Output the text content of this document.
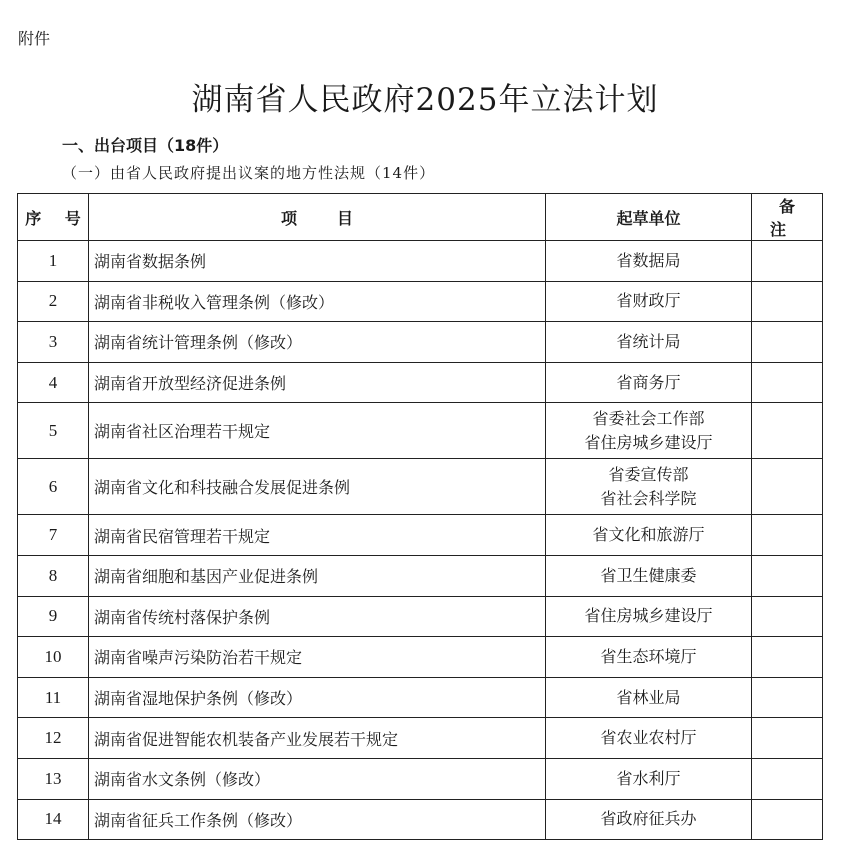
附件
湖南省人民政府2025年立法计划
一、出台项目（18件）
（一）由省人民政府提出议案的地方性法规（14件）
序 号	项目	起草单位	备注
1	湖南省数据条例	省数据局	

2	湖南省非税收入管理条例（修改）	省财政厅	

3	湖南省统计管理条例（修改）	省统计局	

4	湖南省开放型经济促进条例	省商务厅	

5	湖南省社区治理若干规定	省委社会工作部
省住房城乡建设厅	

6	湖南省文化和科技融合发展促进条例	省委宣传部
省社会科学院	

7	湖南省民宿管理若干规定	省文化和旅游厅	

8	湖南省细胞和基因产业促进条例	省卫生健康委	

9	湖南省传统村落保护条例	省住房城乡建设厅	

10	湖南省噪声污染防治若干规定	省生态环境厅	

11	湖南省湿地保护条例（修改）	省林业局	

12	湖南省促进智能农机装备产业发展若干规定	省农业农村厅	

13	湖南省水文条例（修改）	省水利厅	

14	湖南省征兵工作条例（修改）	省政府征兵办	
